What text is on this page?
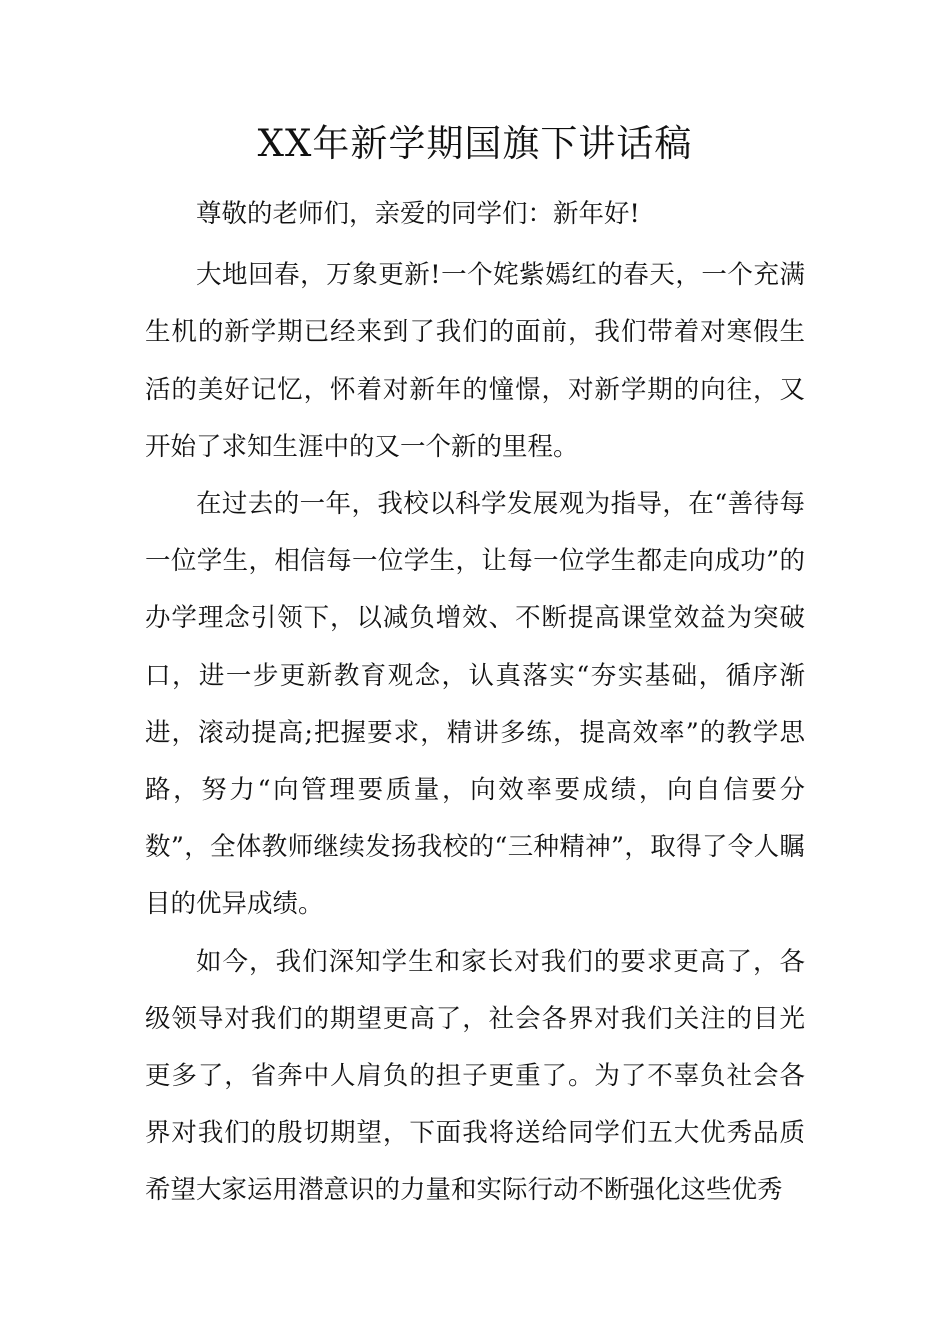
XX年新学期国旗下讲话稿

尊敬的老师们，亲爱的同学们：新年好!

大地回春，万象更新!一个姹紫嫣红的春天，一个充满生机的新学期已经来到了我们的面前，我们带着对寒假生活的美好记忆，怀着对新年的憧憬，对新学期的向往，又开始了求知生涯中的又一个新的里程。

在过去的一年，我校以科学发展观为指导，在“善待每一位学生，相信每一位学生，让每一位学生都走向成功”的办学理念引领下，以减负增效、不断提高课堂效益为突破口，进一步更新教育观念，认真落实“夯实基础，循序渐进，滚动提高;把握要求，精讲多练，提高效率”的教学思路，努力“向管理要质量，向效率要成绩，向自信要分数”，全体教师继续发扬我校的“三种精神”，取得了令人瞩目的优异成绩。

如今，我们深知学生和家长对我们的要求更高了，各级领导对我们的期望更高了，社会各界对我们关注的目光更多了，省奔中人肩负的担子更重了。为了不辜负社会各界对我们的殷切期望，下面我将送给同学们五大优秀品质希望大家运用潜意识的力量和实际行动不断强化这些优秀
